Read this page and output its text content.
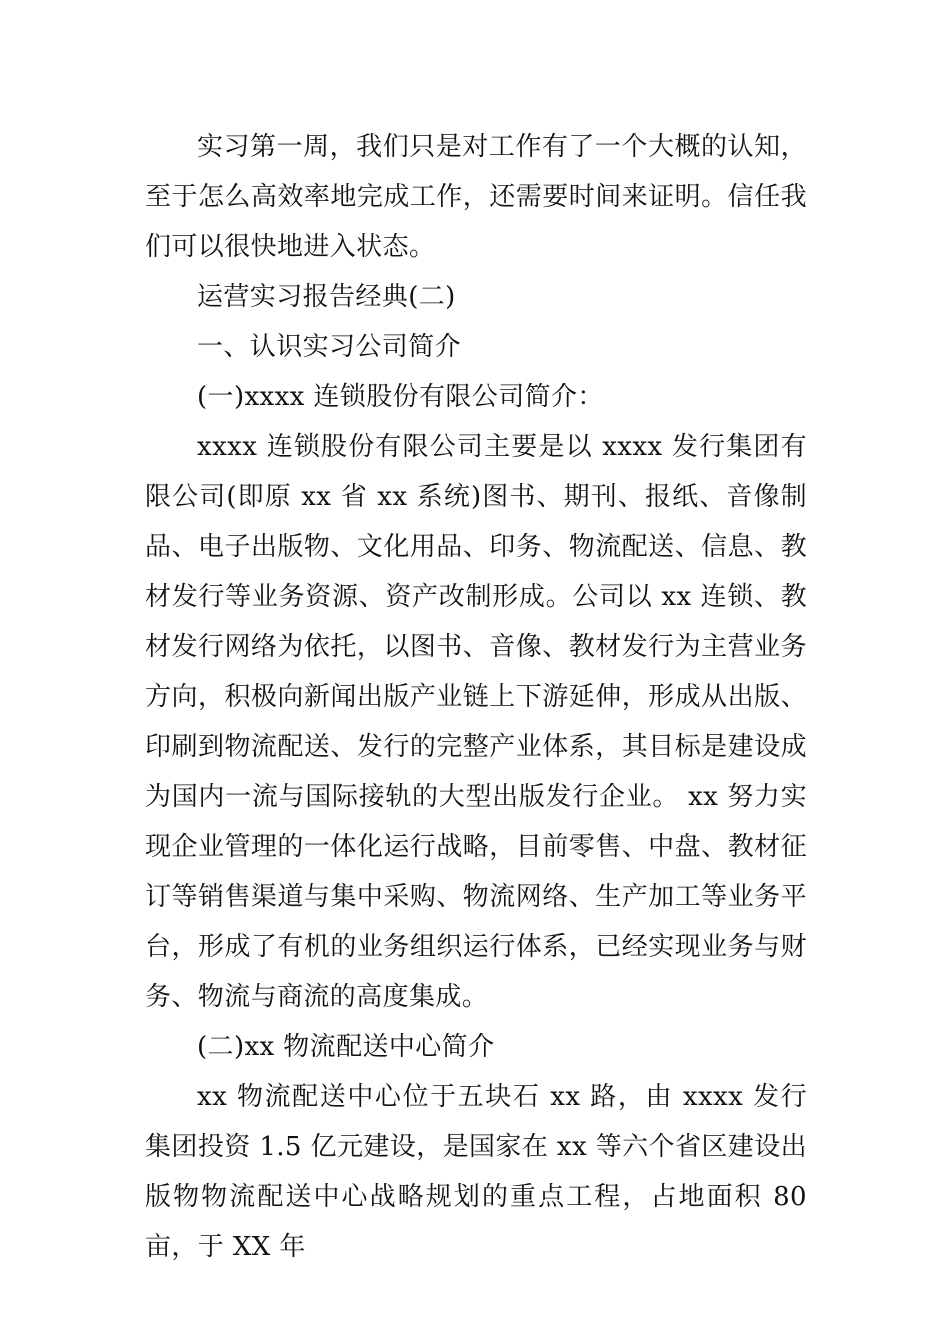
实习第一周，我们只是对工作有了一个大概的认知，至于怎么高效率地完成工作，还需要时间来证明。信任我们可以很快地进入状态。

运营实习报告经典(二)

一、认识实习公司简介

(一)xxxx 连锁股份有限公司简介：

xxxx 连锁股份有限公司主要是以 xxxx 发行集团有限公司(即原 xx 省 xx 系统)图书、期刊、报纸、音像制品、电子出版物、文化用品、印务、物流配送、信息、教材发行等业务资源、资产改制形成。公司以 xx 连锁、教材发行网络为依托，以图书、音像、教材发行为主营业务方向，积极向新闻出版产业链上下游延伸，形成从出版、印刷到物流配送、发行的完整产业体系，其目标是建设成为国内一流与国际接轨的大型出版发行企业。 xx 努力实现企业管理的一体化运行战略，目前零售、中盘、教材征订等销售渠道与集中采购、物流网络、生产加工等业务平台，形成了有机的业务组织运行体系，已经实现业务与财务、物流与商流的高度集成。

(二)xx 物流配送中心简介

xx 物流配送中心位于五块石 xx 路，由 xxxx 发行集团投资 1.5 亿元建设，是国家在 xx 等六个省区建设出版物物流配送中心战略规划的重点工程，占地面积 80 亩，于 XX 年
